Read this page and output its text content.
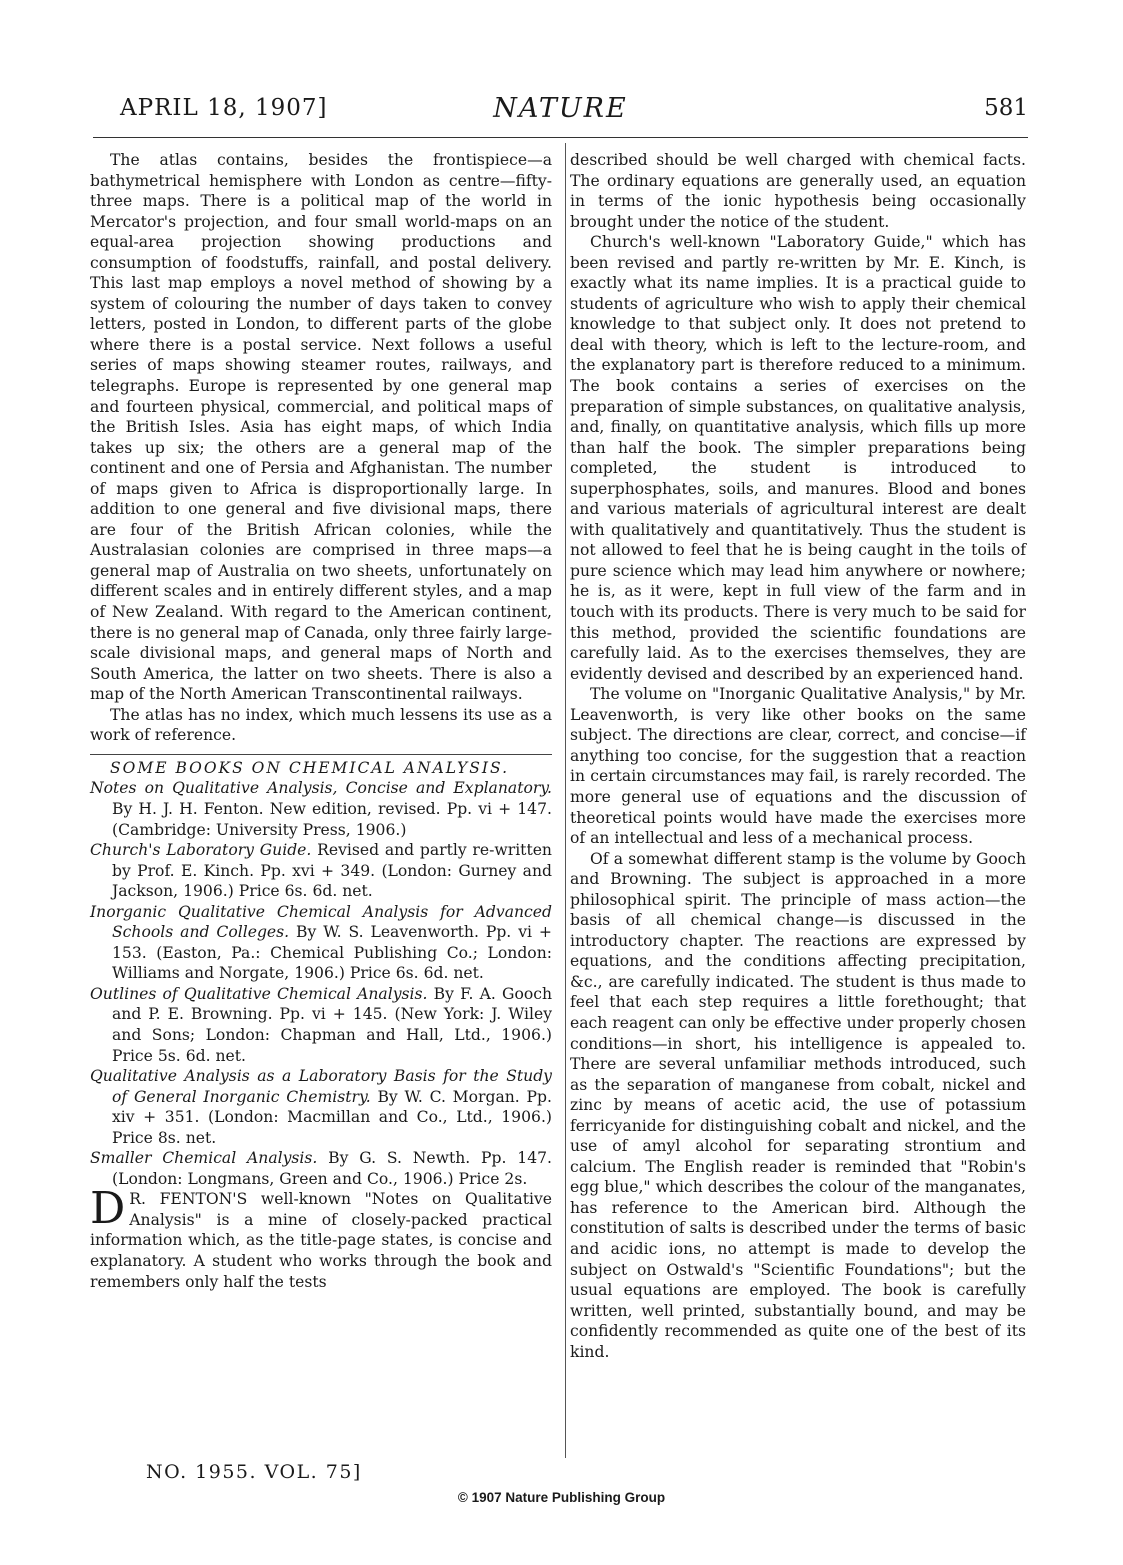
APRIL 18, 1907]	NATURE	581

The atlas contains, besides the frontispiece—a bathymetrical hemisphere with London as centre—fifty-three maps. There is a political map of the world in Mercator's projection, and four small world-maps on an equal-area projection showing productions and consumption of foodstuffs, rainfall, and postal delivery. This last map employs a novel method of showing by a system of colouring the number of days taken to convey letters, posted in London, to different parts of the globe where there is a postal service. Next follows a useful series of maps showing steamer routes, railways, and telegraphs. Europe is represented by one general map and fourteen physical, commercial, and political maps of the British Isles. Asia has eight maps, of which India takes up six; the others are a general map of the continent and one of Persia and Afghanistan. The number of maps given to Africa is disproportionally large. In addition to one general and five divisional maps, there are four of the British African colonies, while the Australasian colonies are comprised in three maps—a general map of Australia on two sheets, unfortunately on different scales and in entirely different styles, and a map of New Zealand. With regard to the American continent, there is no general map of Canada, only three fairly large-scale divisional maps, and general maps of North and South America, the latter on two sheets. There is also a map of the North American Transcontinental railways.

The atlas has no index, which much lessens its use as a work of reference.

SOME BOOKS ON CHEMICAL ANALYSIS.
Notes on Qualitative Analysis, Concise and Explanatory. By H. J. H. Fenton. New edition, revised. Pp. vi + 147. (Cambridge: University Press, 1906.)
Church's Laboratory Guide. Revised and partly re-written by Prof. E. Kinch. Pp. xvi + 349. (London: Gurney and Jackson, 1906.) Price 6s. 6d. net.
Inorganic Qualitative Chemical Analysis for Advanced Schools and Colleges. By W. S. Leavenworth. Pp. vi + 153. (Easton, Pa.: Chemical Publishing Co.; London: Williams and Norgate, 1906.) Price 6s. 6d. net.
Outlines of Qualitative Chemical Analysis. By F. A. Gooch and P. E. Browning. Pp. vi + 145. (New York: J. Wiley and Sons; London: Chapman and Hall, Ltd., 1906.) Price 5s. 6d. net.
Qualitative Analysis as a Laboratory Basis for the Study of General Inorganic Chemistry. By W. C. Morgan. Pp. xiv + 351. (London: Macmillan and Co., Ltd., 1906.) Price 8s. net.
Smaller Chemical Analysis. By G. S. Newth. Pp. 147. (London: Longmans, Green and Co., 1906.) Price 2s.

D R. FENTON'S well-known "Notes on Qualitative Analysis" is a mine of closely-packed practical information which, as the title-page states, is concise and explanatory. A student who works through the book and remembers only half the tests

described should be well charged with chemical facts. The ordinary equations are generally used, an equation in terms of the ionic hypothesis being occasionally brought under the notice of the student.

Church's well-known "Laboratory Guide," which has been revised and partly re-written by Mr. E. Kinch, is exactly what its name implies. It is a practical guide to students of agriculture who wish to apply their chemical knowledge to that subject only. It does not pretend to deal with theory, which is left to the lecture-room, and the explanatory part is therefore reduced to a minimum. The book contains a series of exercises on the preparation of simple substances, on qualitative analysis, and, finally, on quantitative analysis, which fills up more than half the book. The simpler preparations being completed, the student is introduced to superphosphates, soils, and manures. Blood and bones and various materials of agricultural interest are dealt with qualitatively and quantitatively. Thus the student is not allowed to feel that he is being caught in the toils of pure science which may lead him anywhere or nowhere; he is, as it were, kept in full view of the farm and in touch with its products. There is very much to be said for this method, provided the scientific foundations are carefully laid. As to the exercises themselves, they are evidently devised and described by an experienced hand.

The volume on "Inorganic Qualitative Analysis," by Mr. Leavenworth, is very like other books on the same subject. The directions are clear, correct, and concise—if anything too concise, for the suggestion that a reaction in certain circumstances may fail, is rarely recorded. The more general use of equations and the discussion of theoretical points would have made the exercises more of an intellectual and less of a mechanical process.

Of a somewhat different stamp is the volume by Gooch and Browning. The subject is approached in a more philosophical spirit. The principle of mass action—the basis of all chemical change—is discussed in the introductory chapter. The reactions are expressed by equations, and the conditions affecting precipitation, &c., are carefully indicated. The student is thus made to feel that each step requires a little forethought; that each reagent can only be effective under properly chosen conditions—in short, his intelligence is appealed to. There are several unfamiliar methods introduced, such as the separation of manganese from cobalt, nickel and zinc by means of acetic acid, the use of potassium ferricyanide for distinguishing cobalt and nickel, and the use of amyl alcohol for separating strontium and calcium. The English reader is reminded that "Robin's egg blue," which describes the colour of the manganates, has reference to the American bird. Although the constitution of salts is described under the terms of basic and acidic ions, no attempt is made to develop the subject on Ostwald's "Scientific Foundations"; but the usual equations are employed. The book is carefully written, well printed, substantially bound, and may be confidently recommended as quite one of the best of its kind.

NO. 1955. VOL. 75]
© 1907 Nature Publishing Group
